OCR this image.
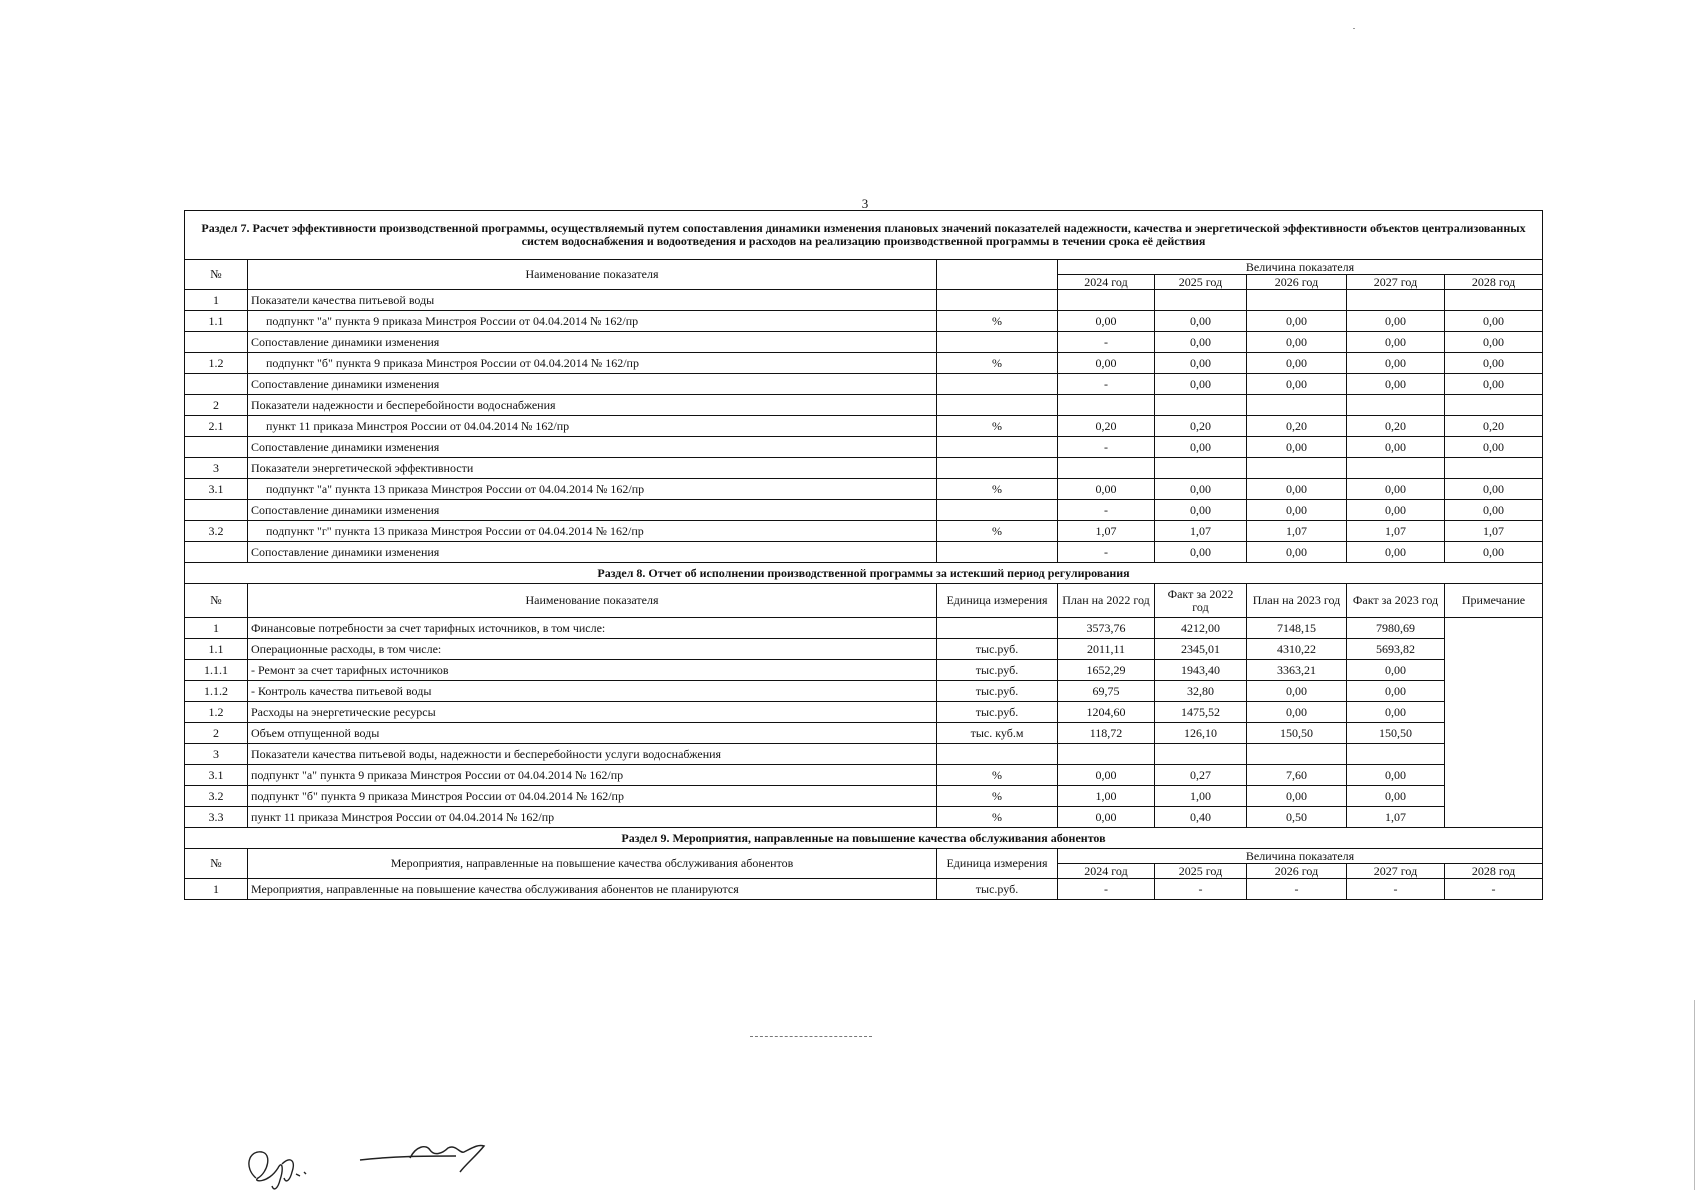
3
Раздел 7. Расчет эффективности производственной программы, осуществляемый путем сопоставления динамики изменения плановых значений показателей надежности, качества и энергетической эффективности объектов централизованных систем водоснабжения и водоотведения и расходов на реализацию производственной программы в течении срока её действия							
№	Наименование показателя		Величина показателя				
			2024 год	2025 год	2026 год	2027 год	2028 год
1	Показатели качества питьевой воды						
1.1	подпункт "а" пункта 9 приказа Минстроя России от 04.04.2014 № 162/пр	%	0,00	0,00	0,00	0,00	0,00
	Сопоставление динамики изменения		-	0,00	0,00	0,00	0,00
1.2	подпункт "б" пункта 9 приказа Минстроя России от 04.04.2014 № 162/пр	%	0,00	0,00	0,00	0,00	0,00
	Сопоставление динамики изменения		-	0,00	0,00	0,00	0,00
2	Показатели надежности и бесперебойности водоснабжения						
2.1	пункт 11 приказа Минстроя России от 04.04.2014 № 162/пр	%	0,20	0,20	0,20	0,20	0,20
	Сопоставление динамики изменения		-	0,00	0,00	0,00	0,00
3	Показатели энергетической эффективности						
3.1	подпункт "а" пункта 13 приказа Минстроя России от 04.04.2014 № 162/пр	%	0,00	0,00	0,00	0,00	0,00
	Сопоставление динамики изменения		-	0,00	0,00	0,00	0,00
3.2	подпункт "г" пункта 13 приказа Минстроя России от 04.04.2014 № 162/пр	%	1,07	1,07	1,07	1,07	1,07
	Сопоставление динамики изменения		-	0,00	0,00	0,00	0,00
Раздел 8. Отчет об исполнении производственной программы за истекший период регулирования							
№	Наименование показателя	Единица измерения	План на 2022 год	Факт за 2022 год	План на 2023 год	Факт за 2023 год	Примечание
1	Финансовые потребности за счет тарифных источников, в том числе:		3573,76	4212,00	7148,15	7980,69	
1.1	Операционные расходы, в том числе:	тыс.руб.	2011,11	2345,01	4310,22	5693,82	
1.1.1	- Ремонт за счет тарифных источников	тыс.руб.	1652,29	1943,40	3363,21	0,00	
1.1.2	- Контроль качества питьевой воды	тыс.руб.	69,75	32,80	0,00	0,00	
1.2	Расходы на энергетические ресурсы	тыс.руб.	1204,60	1475,52	0,00	0,00	
2	Объем отпущенной воды	тыс. куб.м	118,72	126,10	150,50	150,50	
3	Показатели качества питьевой воды, надежности и бесперебойности услуги водоснабжения						
3.1	подпункт "а" пункта 9 приказа Минстроя России от 04.04.2014 № 162/пр	%	0,00	0,27	7,60	0,00	
3.2	подпункт "б" пункта 9 приказа Минстроя России от 04.04.2014 № 162/пр	%	1,00	1,00	0,00	0,00	
3.3	пункт 11 приказа Минстроя России от 04.04.2014 № 162/пр	%	0,00	0,40	0,50	1,07	
Раздел 9. Мероприятия, направленные на повышение качества обслуживания абонентов							
№	Мероприятия, направленные на повышение качества обслуживания абонентов	Единица измерения	Величина показателя				
			2024 год	2025 год	2026 год	2027 год	2028 год
1	Мероприятия, направленные на повышение качества обслуживания абонентов не планируются	тыс.руб.	-	-	-	-	-
